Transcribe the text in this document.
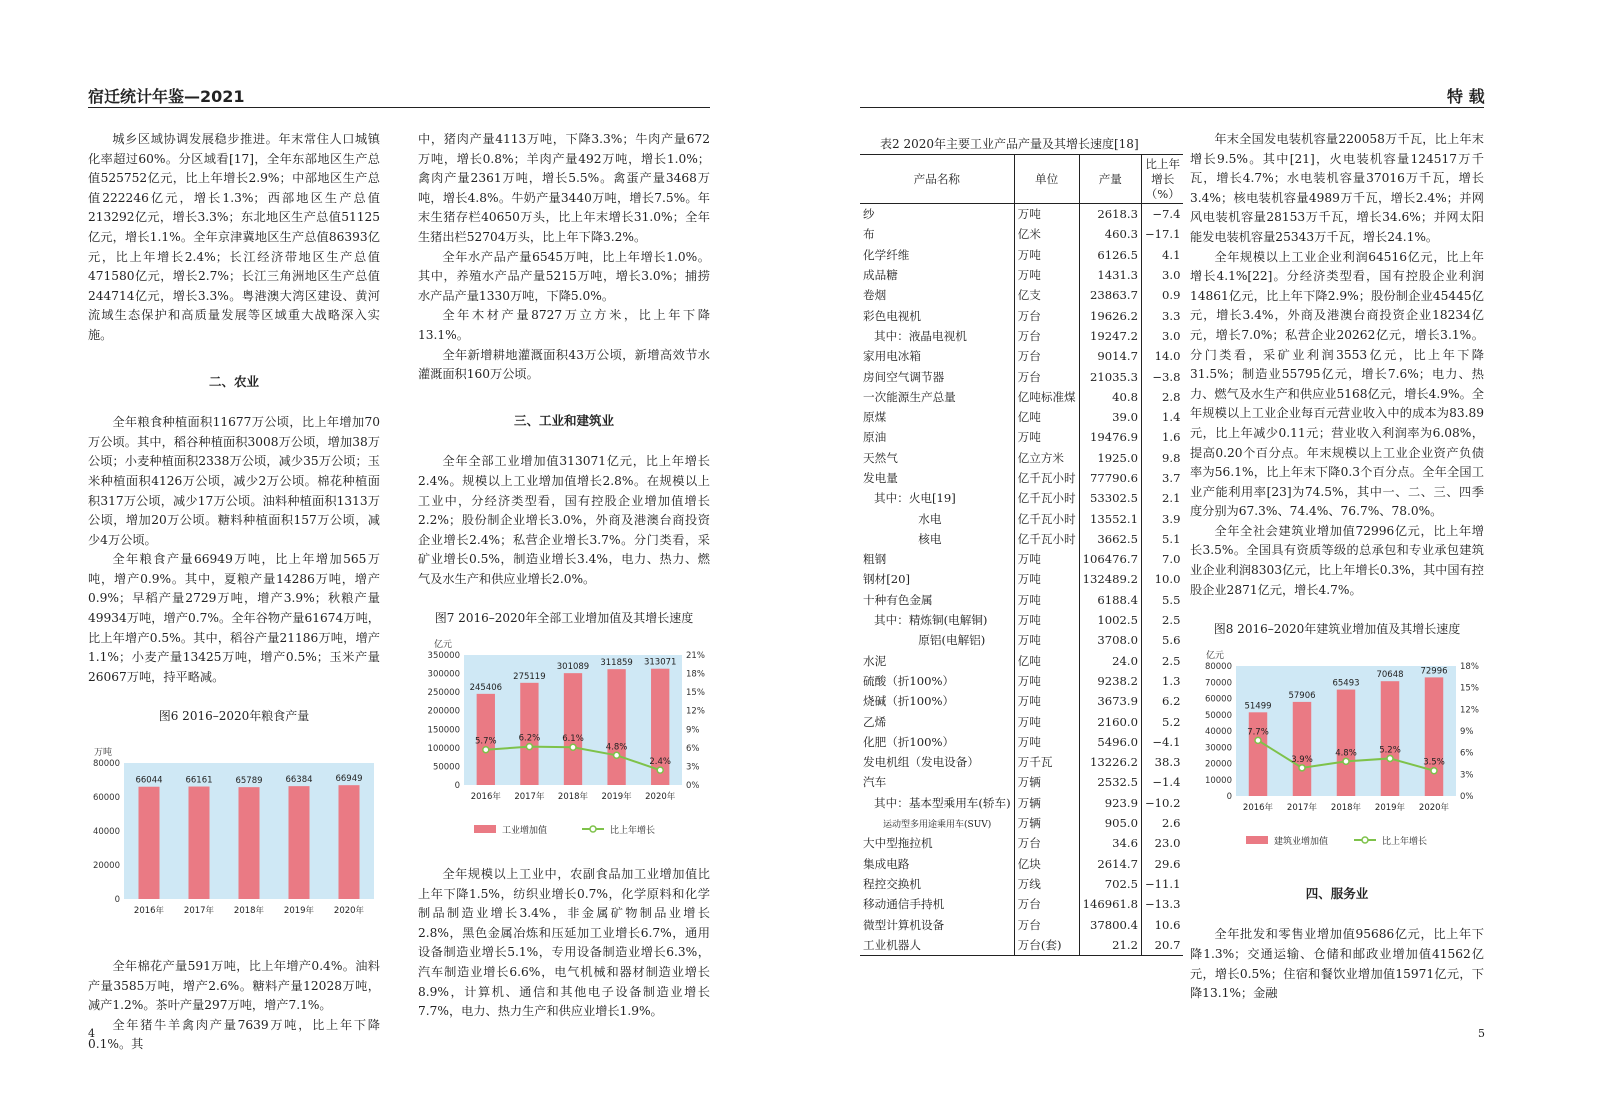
宿迁统计年鉴—2021	特 载

城乡区域协调发展稳步推进。年末常住人口城镇化率超过60%。分区域看[17]，全年东部地区生产总值525752亿元，比上年增长2.9%；中部地区生产总值222246亿元，增长1.3%；西部地区生产总值213292亿元，增长3.3%；东北地区生产总值51125亿元，增长1.1%。全年京津冀地区生产总值86393亿元，比上年增长2.4%；长江经济带地区生产总值471580亿元，增长2.7%；长江三角洲地区生产总值244714亿元，增长3.3%。粤港澳大湾区建设、黄河流域生态保护和高质量发展等区域重大战略深入实施。

二、农业

全年粮食种植面积11677万公顷，比上年增加70万公顷。其中，稻谷种植面积3008万公顷，增加38万公顷；小麦种植面积2338万公顷，减少35万公顷；玉米种植面积4126万公顷，减少2万公顷。棉花种植面积317万公顷，减少17万公顷。油料种植面积1313万公顷，增加20万公顷。糖料种植面积157万公顷，减少4万公顷。

全年粮食产量66949万吨，比上年增加565万吨，增产0.9%。其中，夏粮产量14286万吨，增产0.9%；早稻产量2729万吨，增产3.9%；秋粮产量49934万吨，增产0.7%。全年谷物产量61674万吨，比上年增产0.5%。其中，稻谷产量21186万吨，增产1.1%；小麦产量13425万吨，增产0.5%；玉米产量26067万吨，持平略减。

图6 2016–2020年粮食产量

万吨
80000
60000
40000
20000
0
66044
2016年
66161
2017年
65789
2018年
66384
2019年
66949
2020年

全年棉花产量591万吨，比上年增产0.4%。油料产量3585万吨，增产2.6%。糖料产量12028万吨，减产1.2%。茶叶产量297万吨，增产7.1%。

全年猪牛羊禽肉产量7639万吨，比上年下降0.1%。其

中，猪肉产量4113万吨，下降3.3%；牛肉产量672万吨，增长0.8%；羊肉产量492万吨，增长1.0%；禽肉产量2361万吨，增长5.5%。禽蛋产量3468万吨，增长4.8%。牛奶产量3440万吨，增长7.5%。年末生猪存栏40650万头，比上年末增长31.0%；全年生猪出栏52704万头，比上年下降3.2%。

全年水产品产量6545万吨，比上年增长1.0%。其中，养殖水产品产量5215万吨，增长3.0%；捕捞水产品产量1330万吨，下降5.0%。

全年木材产量8727万立方米，比上年下降13.1%。

全年新增耕地灌溉面积43万公顷，新增高效节水灌溉面积160万公顷。

三、工业和建筑业

全年全部工业增加值313071亿元，比上年增长2.4%。规模以上工业增加值增长2.8%。在规模以上工业中，分经济类型看，国有控股企业增加值增长2.2%；股份制企业增长3.0%，外商及港澳台商投资企业增长2.4%；私营企业增长3.7%。分门类看，采矿业增长0.5%，制造业增长3.4%，电力、热力、燃气及水生产和供应业增长2.0%。

图7 2016–2020年全部工业增加值及其增长速度

亿元
350000
300000
250000
200000
150000
100000
50000
0
21%
18%
15%
12%
9%
6%
3%
0%
245406
2016年
275119
2017年
301089
2018年
311859
2019年
313071
2020年
5.7%	6.2%	6.1%
4.8%
2.4%
工业增加值	比上年增长

全年规模以上工业中，农副食品加工业增加值比上年下降1.5%，纺织业增长0.7%，化学原料和化学制品制造业增长3.4%，非金属矿物制品业增长2.8%，黑色金属冶炼和压延加工业增长6.7%，通用设备制造业增长5.1%，专用设备制造业增长6.3%，汽车制造业增长6.6%，电气机械和器材制造业增长8.9%，计算机、通信和其他电子设备制造业增长7.7%，电力、热力生产和供应业增长1.9%。

表2 2020年主要工业产品产量及其增长速度[18]
产品名称	单位	产量	比上年增长（%）
纱	万吨	2618.3	−7.4
布	亿米	460.3	−17.1
化学纤维	万吨	6126.5	4.1
成品糖	万吨	1431.3	3.0
卷烟	亿支	23863.7	0.9
彩色电视机	万台	19626.2	3.3
其中：液晶电视机	万台	19247.2	3.0
家用电冰箱	万台	9014.7	14.0
房间空气调节器	万台	21035.3	−3.8
一次能源生产总量	亿吨标准煤	40.8	2.8
原煤	亿吨	39.0	1.4
原油	万吨	19476.9	1.6
天然气	亿立方米	1925.0	9.8
发电量	亿千瓦小时	77790.6	3.7
其中：火电[19]	亿千瓦小时	53302.5	2.1
水电	亿千瓦小时	13552.1	3.9
核电	亿千瓦小时	3662.5	5.1
粗钢	万吨	106476.7	7.0
钢材[20]	万吨	132489.2	10.0
十种有色金属	万吨	6188.4	5.5
其中：精炼铜(电解铜)	万吨	1002.5	2.5
原铝(电解铝)	万吨	3708.0	5.6
水泥	亿吨	24.0	2.5
硫酸（折100%）	万吨	9238.2	1.3
烧碱（折100%）	万吨	3673.9	6.2
乙烯	万吨	2160.0	5.2
化肥（折100%）	万吨	5496.0	−4.1
发电机组（发电设备）	万千瓦	13226.2	38.3
汽车	万辆	2532.5	−1.4
其中：基本型乘用车(轿车)	万辆	923.9	−10.2
运动型多用途乘用车(SUV)	万辆	905.0	2.6
大中型拖拉机	万台	34.6	23.0
集成电路	亿块	2614.7	29.6
程控交换机	万线	702.5	−11.1
移动通信手持机	万台	146961.8	−13.3
微型计算机设备	万台	37800.4	10.6
工业机器人	万台(套)	21.2	20.7

年末全国发电装机容量220058万千瓦，比上年末增长9.5%。其中[21]，火电装机容量124517万千瓦，增长4.7%；水电装机容量37016万千瓦，增长3.4%；核电装机容量4989万千瓦，增长2.4%；并网风电装机容量28153万千瓦，增长34.6%；并网太阳能发电装机容量25343万千瓦，增长24.1%。

全年规模以上工业企业利润64516亿元，比上年增长4.1%[22]。分经济类型看，国有控股企业利润14861亿元，比上年下降2.9%；股份制企业45445亿元，增长3.4%，外商及港澳台商投资企业18234亿元，增长7.0%；私营企业20262亿元，增长3.1%。分门类看，采矿业利润3553亿元，比上年下降31.5%；制造业55795亿元，增长7.6%；电力、热力、燃气及水生产和供应业5168亿元，增长4.9%。全年规模以上工业企业每百元营业收入中的成本为83.89元，比上年减少0.11元；营业收入利润率为6.08%，提高0.20个百分点。年末规模以上工业企业资产负债率为56.1%，比上年末下降0.3个百分点。全年全国工业产能利用率[23]为74.5%，其中一、二、三、四季度分别为67.3%、74.4%、76.7%、78.0%。

全年全社会建筑业增加值72996亿元，比上年增长3.5%。全国具有资质等级的总承包和专业承包建筑业企业利润8303亿元，比上年增长0.3%，其中国有控股企业2871亿元，增长4.7%。

图8 2016–2020年建筑业增加值及其增长速度

亿元
80000
70000
60000
50000
40000
30000
20000
10000
0
18%
15%
12%
9%
6%
3%
0%
51499
2016年
57906
2017年
65493
2018年
70648
2019年
72996
2020年
7.7%
3.9%
4.8%	5.2%
3.5%
建筑业增加值	比上年增长

四、服务业

全年批发和零售业增加值95686亿元，比上年下降1.3%；交通运输、仓储和邮政业增加值41562亿元，增长0.5%；住宿和餐饮业增加值15971亿元，下降13.1%；金融

4	5
